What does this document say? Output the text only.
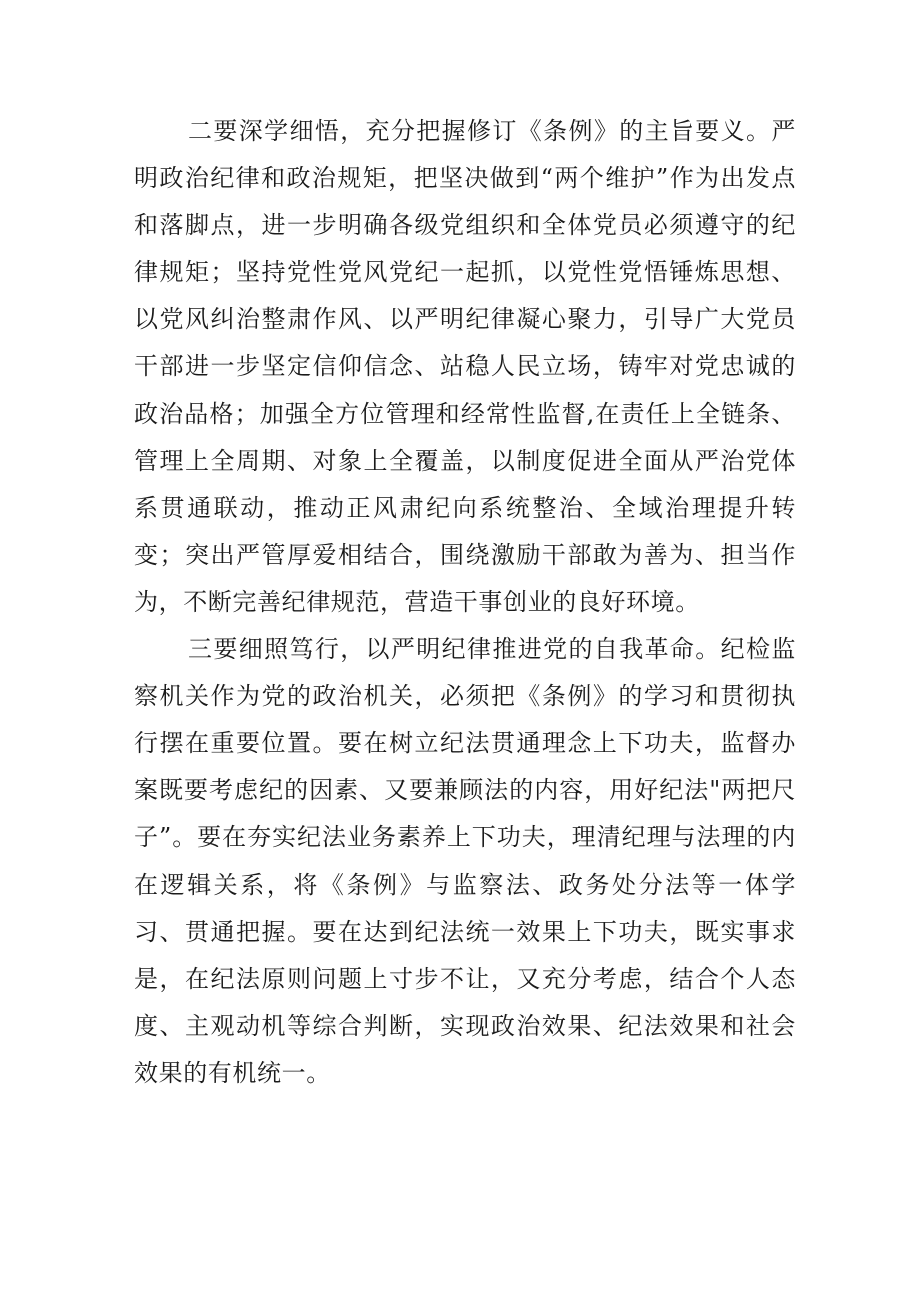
二要深学细悟，充分把握修订《条例》的主旨要义。严明政治纪律和政治规矩，把坚决做到“两个维护”作为出发点和落脚点，进一步明确各级党组织和全体党员必须遵守的纪律规矩；坚持党性党风党纪一起抓，以党性党悟锤炼思想、以党风纠治整肃作风、以严明纪律凝心聚力，引导广大党员干部进一步坚定信仰信念、站稳人民立场，铸牢对党忠诚的政治品格；加强全方位管理和经常性监督,在责任上全链条、管理上全周期、对象上全覆盖，以制度促进全面从严治党体系贯通联动，推动正风肃纪向系统整治、全域治理提升转变；突出严管厚爱相结合，围绕激励干部敢为善为、担当作为，不断完善纪律规范，营造干事创业的良好环境。

三要细照笃行，以严明纪律推进党的自我革命。纪检监察机关作为党的政治机关，必须把《条例》的学习和贯彻执行摆在重要位置。要在树立纪法贯通理念上下功夫，监督办案既要考虑纪的因素、又要兼顾法的内容，用好纪法"两把尺子”。要在夯实纪法业务素养上下功夫，理清纪理与法理的内在逻辑关系，将《条例》与监察法、政务处分法等一体学习、贯通把握。要在达到纪法统一效果上下功夫，既实事求是，在纪法原则问题上寸步不让，又充分考虑，结合个人态度、主观动机等综合判断，实现政治效果、纪法效果和社会效果的有机统一。
